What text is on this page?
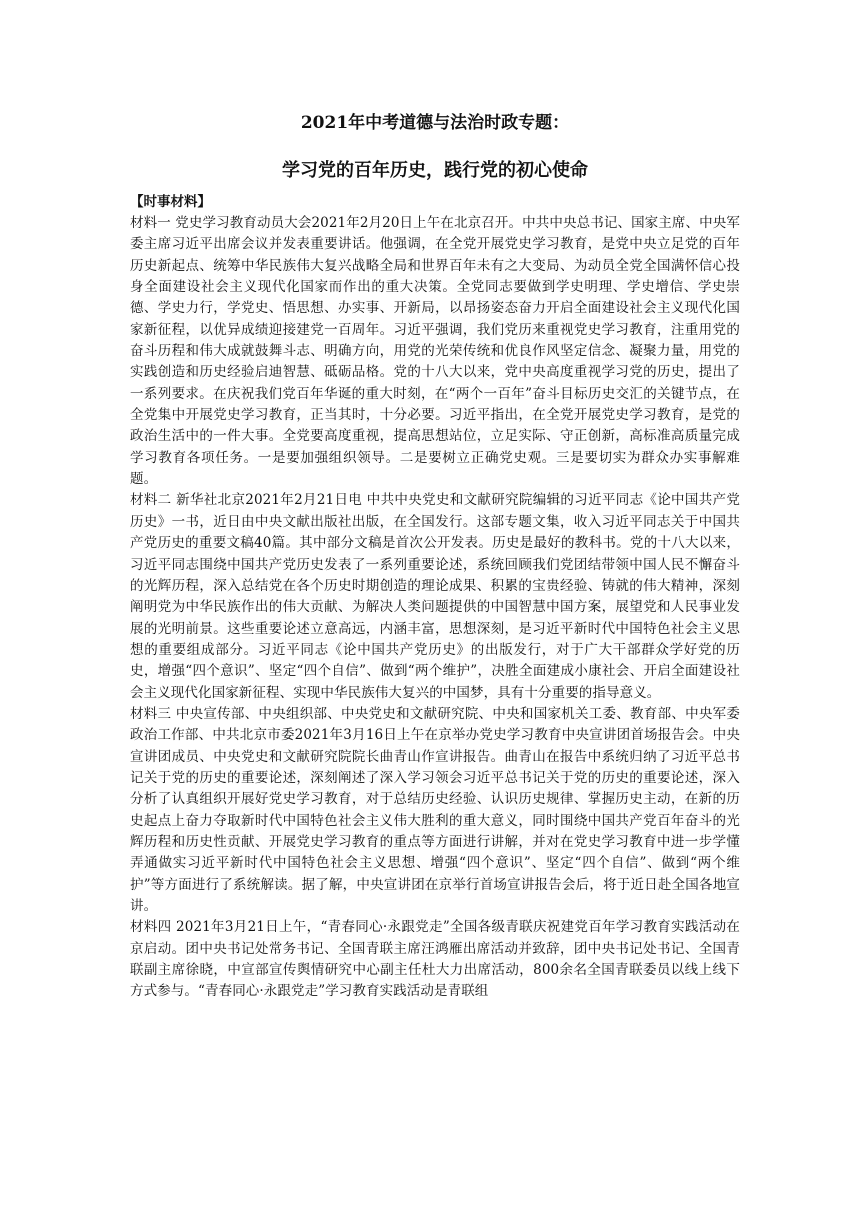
2021年中考道德与法治时政专题：

学习党的百年历史，践行党的初心使命

【时事材料】

材料一 党史学习教育动员大会2021年2月20日上午在北京召开。中共中央总书记、国家主席、中央军委主席习近平出席会议并发表重要讲话。他强调，在全党开展党史学习教育，是党中央立足党的百年历史新起点、统筹中华民族伟大复兴战略全局和世界百年未有之大变局、为动员全党全国满怀信心投身全面建设社会主义现代化国家而作出的重大决策。全党同志要做到学史明理、学史增信、学史崇德、学史力行，学党史、悟思想、办实事、开新局，以昂扬姿态奋力开启全面建设社会主义现代化国家新征程，以优异成绩迎接建党一百周年。习近平强调，我们党历来重视党史学习教育，注重用党的奋斗历程和伟大成就鼓舞斗志、明确方向，用党的光荣传统和优良作风坚定信念、凝聚力量，用党的实践创造和历史经验启迪智慧、砥砺品格。党的十八大以来，党中央高度重视学习党的历史，提出了一系列要求。在庆祝我们党百年华诞的重大时刻，在“两个一百年”奋斗目标历史交汇的关键节点，在全党集中开展党史学习教育，正当其时，十分必要。习近平指出，在全党开展党史学习教育，是党的政治生活中的一件大事。全党要高度重视，提高思想站位，立足实际、守正创新，高标准高质量完成学习教育各项任务。一是要加强组织领导。二是要树立正确党史观。三是要切实为群众办实事解难题。

材料二 新华社北京2021年2月21日电 中共中央党史和文献研究院编辑的习近平同志《论中国共产党历史》一书，近日由中央文献出版社出版，在全国发行。这部专题文集，收入习近平同志关于中国共产党历史的重要文稿40篇。其中部分文稿是首次公开发表。历史是最好的教科书。党的十八大以来，习近平同志围绕中国共产党历史发表了一系列重要论述，系统回顾我们党团结带领中国人民不懈奋斗的光辉历程，深入总结党在各个历史时期创造的理论成果、积累的宝贵经验、铸就的伟大精神，深刻阐明党为中华民族作出的伟大贡献、为解决人类问题提供的中国智慧中国方案，展望党和人民事业发展的光明前景。这些重要论述立意高远，内涵丰富，思想深刻，是习近平新时代中国特色社会主义思想的重要组成部分。习近平同志《论中国共产党历史》的出版发行，对于广大干部群众学好党的历史，增强“四个意识”、坚定“四个自信”、做到“两个维护”，决胜全面建成小康社会、开启全面建设社会主义现代化国家新征程、实现中华民族伟大复兴的中国梦，具有十分重要的指导意义。

材料三 中央宣传部、中央组织部、中央党史和文献研究院、中央和国家机关工委、教育部、中央军委政治工作部、中共北京市委2021年3月16日上午在京举办党史学习教育中央宣讲团首场报告会。中央宣讲团成员、中央党史和文献研究院院长曲青山作宣讲报告。曲青山在报告中系统归纳了习近平总书记关于党的历史的重要论述，深刻阐述了深入学习领会习近平总书记关于党的历史的重要论述，深入分析了认真组织开展好党史学习教育，对于总结历史经验、认识历史规律、掌握历史主动，在新的历史起点上奋力夺取新时代中国特色社会主义伟大胜利的重大意义，同时围绕中国共产党百年奋斗的光辉历程和历史性贡献、开展党史学习教育的重点等方面进行讲解，并对在党史学习教育中进一步学懂弄通做实习近平新时代中国特色社会主义思想、增强“四个意识”、坚定“四个自信”、做到“两个维护”等方面进行了系统解读。据了解，中央宣讲团在京举行首场宣讲报告会后，将于近日赴全国各地宣讲。

材料四 2021年3月21日上午，“青春同心·永跟党走”全国各级青联庆祝建党百年学习教育实践活动在京启动。团中央书记处常务书记、全国青联主席汪鸿雁出席活动并致辞，团中央书记处书记、全国青联副主席徐晓，中宣部宣传舆情研究中心副主任杜大力出席活动，800余名全国青联委员以线上线下方式参与。“青春同心·永跟党走”学习教育实践活动是青联组
